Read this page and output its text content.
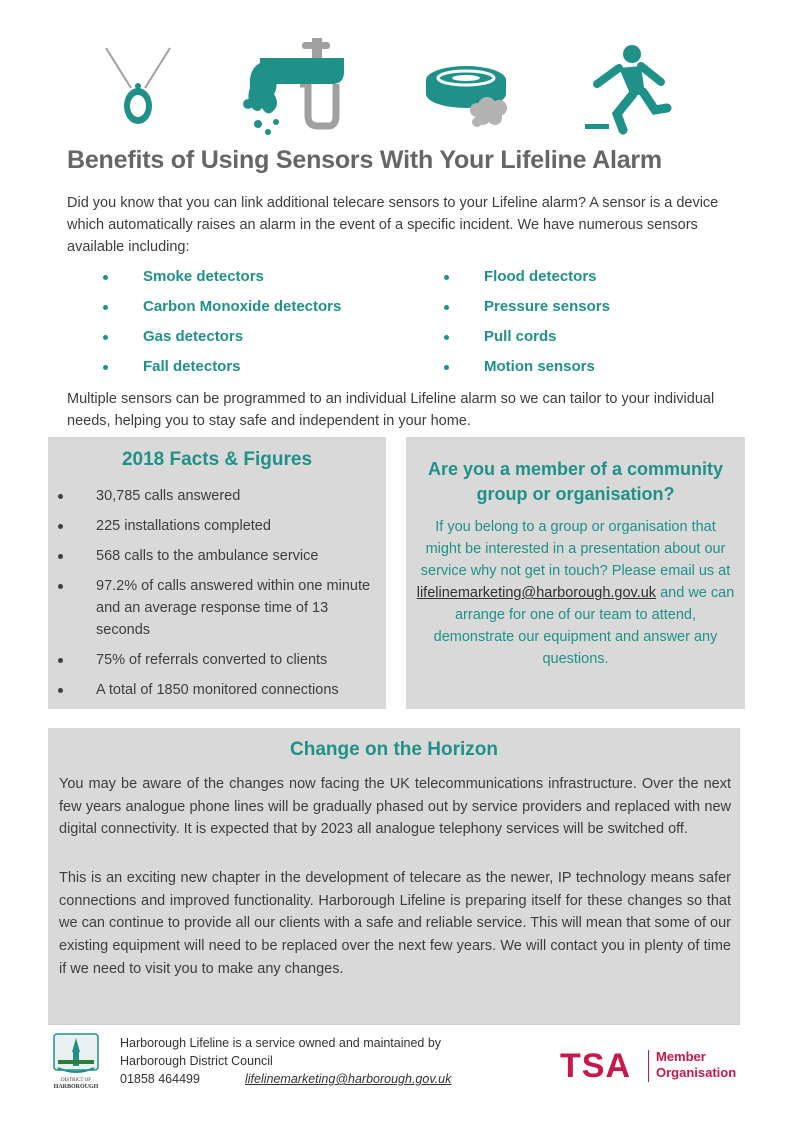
Benefits of Using Sensors With Your Lifeline Alarm

Did you know that you can link additional telecare sensors to your Lifeline alarm? A sensor is a device which automatically raises an alarm in the event of a specific incident. We have numerous sensors available including:

Smoke detectors
Carbon Monoxide detectors
Gas detectors
Fall detectors
Flood detectors
Pressure sensors
Pull cords
Motion sensors

Multiple sensors can be programmed to an individual Lifeline alarm so we can tailor to your individual needs, helping you to stay safe and independent in your home.

2018 Facts & Figures
30,785 calls answered
225 installations completed
568 calls to the ambulance service
97.2% of calls answered within one minute and an average response time of 13 seconds
75% of referrals converted to clients
A total of 1850 monitored connections
Are you a member of a community group or organisation?

If you belong to a group or organisation that might be interested in a presentation about our service why not get in touch? Please email us at lifelinemarketing@harborough.gov.uk and we can arrange for one of our team to attend, demonstrate our equipment and answer any questions.

Change on the Horizon

You may be aware of the changes now facing the UK telecommunications infrastructure. Over the next few years analogue phone lines will be gradually phased out by service providers and replaced with new digital connectivity. It is expected that by 2023 all analogue telephony services will be switched off.

This is an exciting new chapter in the development of telecare as the newer, IP technology means safer connections and improved functionality. Harborough Lifeline is preparing itself for these changes so that we can continue to provide all our clients with a safe and reliable service. This will mean that some of our existing equipment will need to be replaced over the next few years. We will contact you in plenty of time if we need to visit you to make any changes.

DISTRICT OF
HARBOROUGH

Harborough Lifeline is a service owned and maintained by

Harborough District Council

01858 464499	lifelinemarketing@harborough.gov.uk	TSA Member
Organisation
